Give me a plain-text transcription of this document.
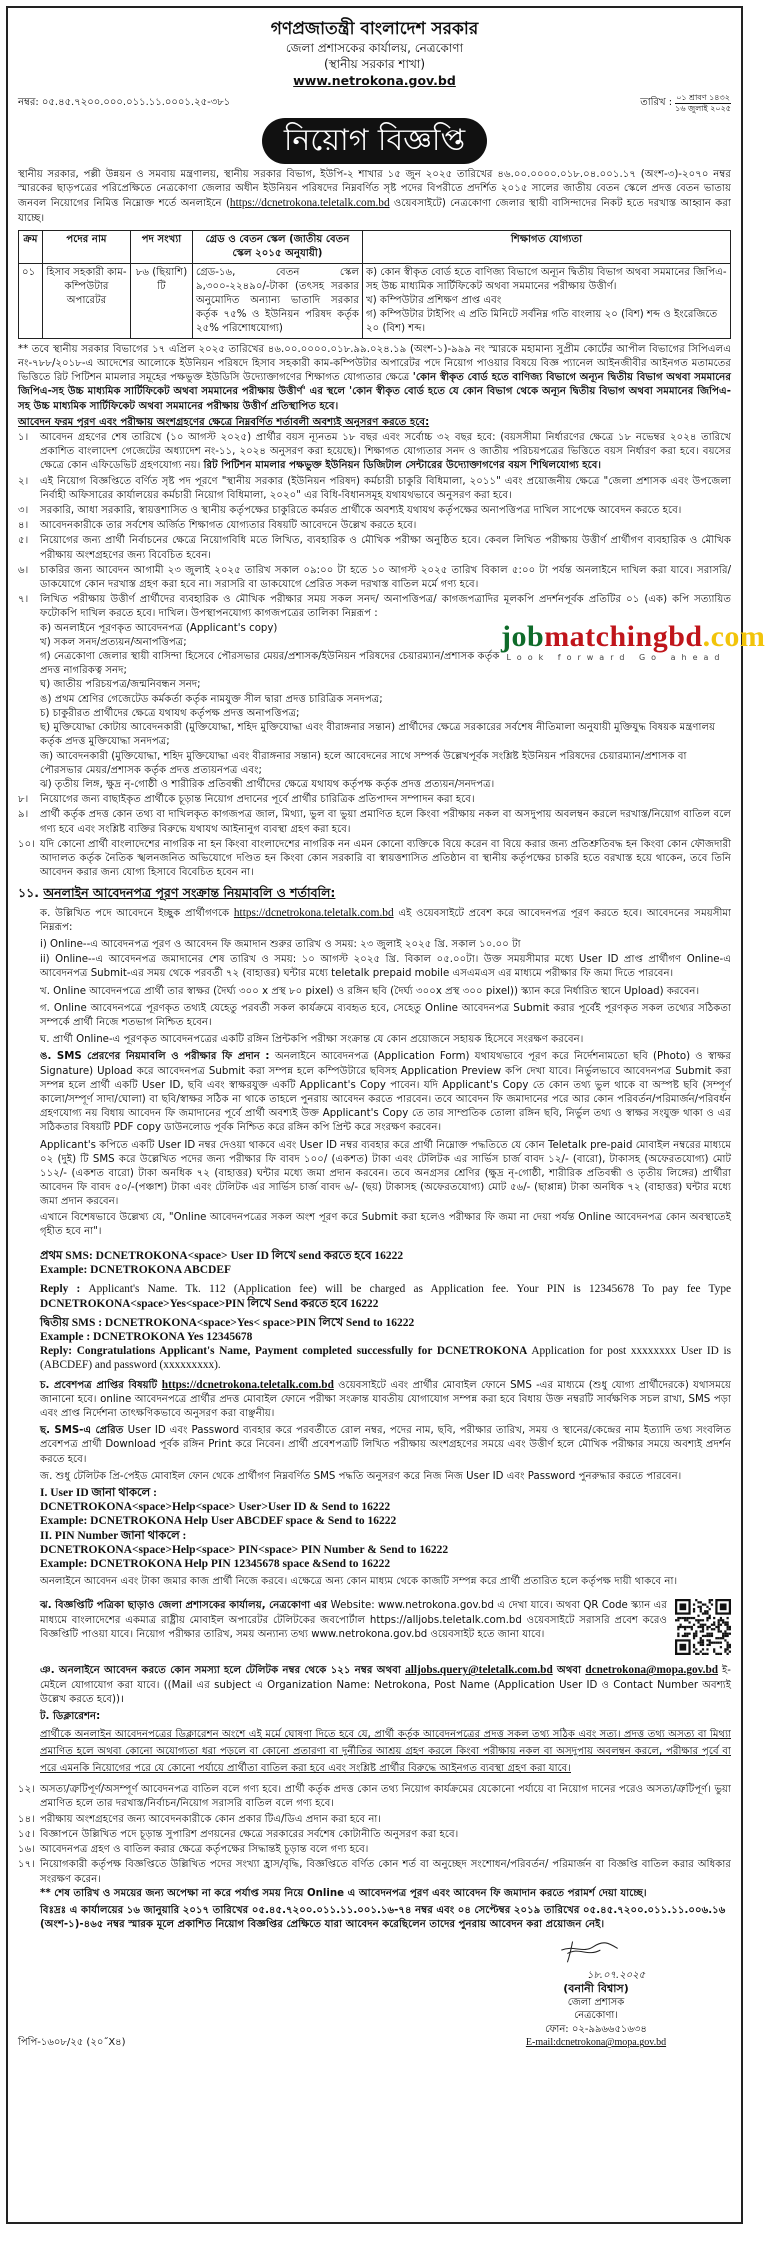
গণপ্রজাতন্ত্রী বাংলাদেশ সরকার
জেলা প্রশাসকের কার্যালয়, নেত্রকোণা
(স্থানীয় সরকার শাখা)
www.netrokona.gov.bd
নম্বর: ০৫.৪৫.৭২০০.০০০.০১১.১১.০০০১.২৫-৩৮১	তারিখ : $\frac{\text{০১ শ্রাবণ ১৪৩২}}{\text{১৬ জুলাই ২০২৫}}$
নিয়োগ বিজ্ঞপ্তি

স্থানীয় সরকার, পল্লী উন্নয়ন ও সমবায় মন্ত্রণালয়, স্থানীয় সরকার বিভাগ, ইউপি-২ শাখার ১৫ জুন ২০২৫ তারিখের ৪৬.০০.০০০০.০১৮.০৪.০০১.১৭ (অংশ-৩)-২০৭০ নম্বর স্মারকের ছাড়পত্রের পরিপ্রেক্ষিতে নেত্রকোণা জেলার অধীন ইউনিয়ন পরিষদের নিম্নবর্ণিত সৃষ্ট পদের বিপরীতে প্রদর্শিত ২০১৫ সালের জাতীয় বেতন স্কেলে প্রদত্ত বেতন ভাতায় জনবল নিয়োগের নিমিত্ত নিম্নোক্ত শর্তে অনলাইনে (https://dcnetrokona.teletalk.com.bd ওয়েবসাইটে) নেত্রকোণা জেলার স্থায়ী বাসিন্দাদের নিকট হতে দরখাস্ত আহ্বান করা যাচ্ছে।

ক্রম	পদের নাম	পদ সংখ্যা	গ্রেড ও বেতন স্কেল (জাতীয় বেতন স্কেল ২০১৫ অনুযায়ী)	শিক্ষাগত যোগ্যতা
০১	হিসাব সহকারী কাম-কম্পিউটার অপারেটর	৮৬ (ছিয়াশি) টি	গ্রেড-১৬, বেতন স্কেল ৯,৩০০-২২৪৯০/-টাকা (তৎসহ সরকার অনুমোদিত অন্যান্য ভাতাদি সরকার কর্তৃক ৭৫% ও ইউনিয়ন পরিষদ কর্তৃক ২৫% পরিশোধযোগ্য)	ক) কোন স্বীকৃত বোর্ড হতে বাণিজ্য বিভাগে অন্যূন দ্বিতীয় বিভাগ অথবা সমমানের জিপিএ-সহ উচ্চ মাধ্যমিক সার্টিফিকেট অথবা সমমানের পরীক্ষায় উত্তীর্ণ।
খ) কম্পিউটার প্রশিক্ষণ প্রাপ্ত এবং
গ) কম্পিউটার টাইপিং এ প্রতি মিনিটে সর্বনিম্ন গতি বাংলায় ২০ (বিশ) শব্দ ও ইংরেজিতে ২০ (বিশ) শব্দ।

** তবে স্থানীয় সরকার বিভাগের ১৭ এপ্রিল ২০২৫ তারিখের ৪৬.০০.০০০০.০১৮.৯৯.০২৪.১৯ (অংশ-১)-৯৯৯ নং স্মারকে মহামান্য সুপ্রীম কোর্টের আপীল বিভাগের সিপিএলএ নং-৭৮৮/২০১৮-এ আদেশের আলোকে ইউনিয়ন পরিষদে হিসাব সহকারী কাম-কম্পিউটার অপারেটর পদে নিয়োগ পাওয়ার বিষয়ে বিজ্ঞ প্যানেল আইনজীবীর আইনগত মতামতের ভিত্তিতে রিট পিটিশন মামলার সমূহের পক্ষভুক্ত ইউডিসি উদ্যোক্তাগণের শিক্ষাগত যোগ্যতার ক্ষেত্রে 'কোন স্বীকৃত বোর্ড হতে বাণিজ্য বিভাগে অন্যূন দ্বিতীয় বিভাগ অথবা সমমানের জিপিএ-সহ উচ্চ মাধ্যমিক সার্টিফিকেট অথবা সমমানের পরীক্ষায় উত্তীর্ণ' এর স্থলে 'কোন স্বীকৃত বোর্ড হতে যে কোন বিভাগ থেকে অন্যূন দ্বিতীয় বিভাগ অথবা সমমানের জিপিএ-সহ উচ্চ মাধ্যমিক সার্টিফিকেট অথবা সমমানের পরীক্ষায় উত্তীর্ণ প্রতিস্থাপিত হবে।

আবেদন ফরম পূরণ এবং পরীক্ষায় অংশগ্রহণের ক্ষেত্রে নিম্নবর্ণিত শর্তাবলী অবশ্যই অনুসরণ করতে হবে:

১।	আবেদন গ্রহণের শেষ তারিখে (১০ আগস্ট ২০২৫) প্রার্থীর বয়স ন্যূনতম ১৮ বছর এবং সর্বোচ্চ ৩২ বছর হবে: (বয়সসীমা নির্ধারণের ক্ষেত্রে ১৮ নভেম্বর ২০২৪ তারিখে প্রকাশিত বাংলাদেশ গেজেটের অধ্যাদেশ নং-১১, ২০২৪ অনুসরণ করা হয়েছে)। শিক্ষাগত যোগ্যতার সনদ ও জাতীয় পরিচয়পত্রের ভিত্তিতে বয়স নির্ধারণ করা হবে। বয়সের ক্ষেত্রে কোন এফিডেভিট গ্রহণযোগ্য নয়। রিট পিটিশন মামলার পক্ষভুক্ত ইউনিয়ন ডিজিটাল সেন্টারের উদ্যোক্তাগণের বয়স শিথিলযোগ্য হবে।
২।	এই নিয়োগ বিজ্ঞপ্তিতে বর্ণিত সৃষ্ট পদ পূরণে "স্থানীয় সরকার (ইউনিয়ন পরিষদ) কর্মচারী চাকুরি বিধিমালা, ২০১১" এবং প্রয়োজনীয় ক্ষেত্রে "জেলা প্রশাসক এবং উপজেলা নির্বাহী অফিসারের কার্যালয়ের কর্মচারী নিয়োগ বিধিমালা, ২০২০" এর বিধি-বিধানসমূহ যথাযথভাবে অনুসরণ করা হবে।
৩।	সরকারি, আধা সরকারি, স্বায়ত্তশাসিত ও স্থানীয় কর্তৃপক্ষের চাকুরিতে কর্মরত প্রার্থীকে অবশ্যই যথাযথ কর্তৃপক্ষের অনাপত্তিপত্র দাখিল সাপেক্ষে আবেদন করতে হবে।
৪।	আবেদনকারীকে তার সর্বশেষ অর্জিত শিক্ষাগত যোগ্যতার বিষয়টি আবেদনে উল্লেখ করতে হবে।
৫।	নিয়োগের জন্য প্রার্থী নির্বাচনের ক্ষেত্রে নিয়োগবিধি মতে লিখিত, ব্যবহারিক ও মৌখিক পরীক্ষা অনুষ্ঠিত হবে। কেবল লিখিত পরীক্ষায় উত্তীর্ণ প্রার্থীগণ ব্যবহারিক ও মৌখিক পরীক্ষায় অংশগ্রহণের জন্য বিবেচিত হবেন।
৬।	চাকরির জন্য আবেদন আগামী ২৩ জুলাই ২০২৫ তারিখ সকাল ০৯:০০ টা হতে ১০ আগস্ট ২০২৫ তারিখ বিকাল ৫:০০ টা পর্যন্ত অনলাইনে দাখিল করা যাবে। সরাসরি/ ডাকযোগে কোন দরখাস্ত গ্রহণ করা হবে না। সরাসরি বা ডাকযোগে প্রেরিত সকল দরখাস্ত বাতিল মর্মে গণ্য হবে।
৭।	লিখিত পরীক্ষায় উত্তীর্ণ প্রার্থীদের ব্যবহারিক ও মৌখিক পরীক্ষার সময় সকল সনদ/ অনাপত্তিপত্র/ কাগজপত্রাদির মূলকপি প্রদর্শনপূর্বক প্রতিটির ০১ (এক) কপি সত্যায়িত ফটোকপি দাখিল করতে হবে। দাখিল। উপস্থাপনযোগ্য কাগজপত্রের তালিকা নিম্নরূপ :
jobmatchingbd.com
Look forward Go ahead
ক) অনলাইনে পূরণকৃত আবেদনপত্র (Applicant's copy)
খ) সকল সনদ/প্রত্যয়ন/অনাপত্তিপত্র;
গ) নেত্রকোণা জেলার স্থায়ী বাসিন্দা হিসেবে পৌরসভার মেয়র/প্রশাসক/ইউনিয়ন পরিষদের চেয়ারম্যান/প্রশাসক কর্তৃক প্রদত্ত নাগরিকত্ব সনদ;
ঘ) জাতীয় পরিচয়পত্র/জন্মনিবন্ধন সনদ;
ঙ) প্রথম শ্রেণির গেজেটেড কর্মকর্তা কর্তৃক নামযুক্ত সীল দ্বারা প্রদত্ত চারিত্রিক সনদপত্র;
চ) চাকুরীরত প্রার্থীদের ক্ষেত্রে যথাযথ কর্তৃপক্ষ প্রদত্ত অনাপত্তিপত্র;
ছ) মুক্তিযোদ্ধা কোটায় আবেদনকারী (মুক্তিযোদ্ধা, শহিদ মুক্তিযোদ্ধা এবং বীরাঙ্গনার সন্তান) প্রার্থীদের ক্ষেত্রে সরকারের সর্বশেষ নীতিমালা অনুযায়ী মুক্তিযুদ্ধ বিষয়ক মন্ত্রণালয় কর্তৃক প্রদত্ত মুক্তিযোদ্ধা সনদপত্র;
জ) আবেদনকারী (মুক্তিযোদ্ধা, শহিদ মুক্তিযোদ্ধা এবং বীরাঙ্গনার সন্তান) হলে আবেদনের সাথে সম্পর্ক উল্লেখপূর্বক সংশ্লিষ্ট ইউনিয়ন পরিষদের চেয়ারম্যান/প্রশাসক বা পৌরসভার মেয়র/প্রশাসক কর্তৃক প্রদত্ত প্রত্যয়নপত্র এবং;
ঝ) তৃতীয় লিঙ্গ, ক্ষুদ্র নৃ-গোষ্ঠী ও শারীরিক প্রতিবন্ধী প্রার্থীদের ক্ষেত্রে যথাযথ কর্তৃপক্ষ কর্তৃক প্রদত্ত প্রত্যয়ন/সনদপত্র।
৮।	নিয়োগের জন্য বাছাইকৃত প্রার্থীকে চূড়ান্ত নিয়োগ প্রদানের পূর্বে প্রার্থীর চারিত্রিক প্রতিপাদন সম্পাদন করা হবে।
৯।	প্রার্থী কর্তৃক প্রদত্ত কোন তথ্য বা দাখিলকৃত কাগজপত্র জাল, মিথ্যা, ভুল বা ভুয়া প্রমাণিত হলে কিংবা পরীক্ষায় নকল বা অসদুপায় অবলম্বন করলে দরখাস্ত/নিয়োগ বাতিল বলে গণ্য হবে এবং সংশ্লিষ্ট ব্যক্তির বিরুদ্ধে যথাযথ আইনানুগ ব্যবস্থা গ্রহণ করা হবে।
১০। যদি কোনো প্রার্থী বাংলাদেশের নাগরিক না হন কিংবা বাংলাদেশের নাগরিক নন এমন কোনো ব্যক্তিকে বিয়ে করেন বা বিয়ে করার জন্য প্রতিশ্রুতিবদ্ধ হন কিংবা কোন ফৌজদারী আদালত কর্তৃক নৈতিক স্খলনজনিত অভিযোগে দণ্ডিত হন কিংবা কোন সরকারি বা স্বায়ত্তশাসিত প্রতিষ্ঠান বা স্থানীয় কর্তৃপক্ষের চাকরি হতে বরখাস্ত হয়ে থাকেন, তবে তিনি আবেদন করার জন্য যোগ্য হিসাবে বিবেচিত হবেন না।
১১. অনলাইন আবেদনপত্র পূরণ সংক্রান্ত নিয়মাবলি ও শর্তাবলি:

ক. উল্লিখিত পদে আবেদনে ইচ্ছুক প্রার্থীগণকে https://dcnetrokona.teletalk.com.bd এই ওয়েবসাইটে প্রবেশ করে আবেদনপত্র পূরণ করতে হবে। আবেদনের সময়সীমা নিম্নরূপ:

i) Online--এ আবেদনপত্র পূরণ ও আবেদন ফি জমাদান শুরুর তারিখ ও সময়: ২৩ জুলাই ২০২৫ খ্রি. সকাল ১০.০০ টা

ii) Online--এ আবেদনপত্র জমাদানের শেষ তারিখ ও সময়: ১০ আগস্ট ২০২৫ খ্রি. বিকাল ০৫.০০টা। উক্ত সময়সীমার মধ্যে User ID প্রাপ্ত প্রার্থীগণ Online-এ আবেদনপত্র Submit-এর সময় থেকে পরবর্তী ৭২ (বাহাত্তর) ঘন্টার মধ্যে teletalk prepaid mobile এসএমএস এর মাধ্যমে পরীক্ষার ফি জমা দিতে পারবেন।

খ. Online আবেদনপত্রে প্রার্থী তার স্বাক্ষর (দৈর্ঘ্য ৩০০ x প্রস্থ ৮০ pixel) ও রঙ্গিন ছবি (দৈর্ঘ্য ৩০০x প্রস্থ ৩০০ pixel)) স্ক্যান করে নির্ধারিত স্থানে Upload) করবেন।

গ. Online আবেদনপত্রে পূরণকৃত তথ্যই যেহেতু পরবর্তী সকল কার্যক্রমে ব্যবহৃত হবে, সেহেতু Online আবেদনপত্র Submit করার পূর্বেই পূরণকৃত সকল তথ্যের সঠিকতা সম্পর্কে প্রার্থী নিজে শতভাগ নিশ্চিত হবেন।

ঘ. প্রার্থী Online-এ পূরণকৃত আবেদনপত্রের একটি রঙ্গিন প্রিন্টকপি পরীক্ষা সংক্রান্ত যে কোন প্রয়োজনে সহায়ক হিসেবে সংরক্ষণ করবেন।

ঙ. SMS প্রেরণের নিয়মাবলি ও পরীক্ষার ফি প্রদান : অনলাইনে আবেদনপত্র (Application Form) যথাযথভাবে পূরণ করে নির্দেশনামতো ছবি (Photo) ও স্বাক্ষর Signature) Upload করে আবেদনপত্র Submit করা সম্পন্ন হলে কম্পিউটারে ছবিসহ Application Preview কপি দেখা যাবে। নির্ভুলভাবে আবেদনপত্র Submit করা সম্পন্ন হলে প্রার্থী একটি User ID, ছবি এবং স্বাক্ষরযুক্ত একটি Applicant's Copy পাবেন। যদি Applicant's Copy তে কোন তথ্য ভুল থাকে বা অস্পষ্ট ছবি (সম্পূর্ণ কালো/সম্পূর্ণ সাদা/ঘোলা) বা ছবি/স্বাক্ষর সঠিক না থাকে তাহলে পুনরায় আবেদন করতে পারবেন। তবে আবেদন ফি জমাদানের পরে আর কোন পরিবর্তন/পরিমার্জন/পরিবর্ধন গ্রহণযোগ্য নয় বিধায় আবেদন ফি জমাদানের পূর্বে প্রার্থী অবশ্যই উক্ত Applicant's Copy তে তার সাম্প্রতিক তোলা রঙ্গিন ছবি, নির্ভুল তথ্য ও স্বাক্ষর সংযুক্ত থাকা ও এর সঠিকতার বিষয়টি PDF copy ডাউনলোড পূর্বক নিশ্চিত করে রঙ্গিন কপি প্রিন্ট করে সংরক্ষণ করবেন।

Applicant's কপিতে একটি User ID নম্বর দেওয়া থাকবে এবং User ID নম্বর ব্যবহার করে প্রার্থী নিম্নোক্ত পদ্ধতিতে যে কোন Teletalk pre-paid মোবাইল নম্বরের মাধ্যমে ০২ (দুই) টি SMS করে উল্লেখিত পদের জন্য পরীক্ষার ফি বাবদ ১০০/ (একশত) টাকা এবং টেলিটক এর সার্ভিস চার্জ বাবদ ১২/- (বারো), টাকাসহ (অফেরতযোগ্য) মোট ১১২/- (একশত বারো) টাকা অনধিক ৭২ (বাহাত্তর) ঘন্টার মধ্যে জমা প্রদান করবেন। তবে অনগ্রসর শ্রেণির (ক্ষুদ্র নৃ-গোষ্ঠী, শারীরিক প্রতিবন্ধী ও তৃতীয় লিঙ্গের) প্রার্থীরা আবেদন ফি বাবদ ৫০/-(পঞ্চাশ) টাকা এবং টেলিটক এর সার্ভিস চার্জ বাবদ ৬/- (ছয়) টাকাসহ (অফেরতযোগ্য) মোট ৫৬/- (ছাপ্পান্ন) টাকা অনধিক ৭২ (বাহাত্তর) ঘন্টার মধ্যে জমা প্রদান করবেন।

এখানে বিশেষভাবে উল্লেখ্য যে, "Online আবেদনপত্রের সকল অংশ পূরণ করে Submit করা হলেও পরীক্ষার ফি জমা না দেয়া পর্যন্ত Online আবেদনপত্র কোন অবস্থাতেই গৃহীত হবে না"।

প্রথম SMS: DCNETROKONA<space> User ID লিখে send করতে হবে 16222
Example: DCNETROKONA ABCDEF

Reply : Applicant's Name. Tk. 112 (Application fee) will be charged as Application fee. Your PIN is 12345678 To pay fee Type DCNETROKONA<space>Yes<space>PIN লিখে Send করতে হবে 16222

দ্বিতীয় SMS : DCNETROKONA<space>Yes< space>PIN লিখে Send to 16222
Example : DCNETROKONA Yes 12345678

Reply: Congratulations Applicant's Name, Payment completed successfully for DCNETROKONA Application for post xxxxxxxx User ID is (ABCDEF) and password (xxxxxxxxx).

চ. প্রবেশপত্র প্রাপ্তির বিষয়টি https://dcnetrokona.teletalk.com.bd ওয়েবসাইটে এবং প্রার্থীর মোবাইল ফোনে SMS -এর মাধ্যমে (শুধু যোগ্য প্রার্থীদেরকে) যথাসময়ে জানানো হবে। online আবেদনপত্রে প্রার্থীর প্রদত্ত মোবাইল ফোনে পরীক্ষা সংক্রান্ত যাবতীয় যোগাযোগ সম্পন্ন করা হবে বিধায় উক্ত নম্বরটি সার্বক্ষণিক সচল রাখা, SMS পড়া এবং প্রাপ্ত নির্দেশনা তাৎক্ষণিকভাবে অনুসরণ করা বাঞ্ছনীয়।

ছ. SMS-এ প্রেরিত User ID এবং Password ব্যবহার করে পরবর্তীতে রোল নম্বর, পদের নাম, ছবি, পরীক্ষার তারিখ, সময় ও স্থানের/কেন্দ্রের নাম ইত্যাদি তথ্য সংবলিত প্রবেশপত্র প্রার্থী Download পূর্বক রঙ্গিন Print করে নিবেন। প্রার্থী প্রবেশপত্রটি লিখিত পরীক্ষায় অংশগ্রহণের সময়ে এবং উত্তীর্ণ হলে মৌখিক পরীক্ষার সময়ে অবশ্যই প্রদর্শন করতে হবে।

জ. শুধু টেলিটক প্রি-পেইড মোবাইল ফোন থেকে প্রার্থীগণ নিম্নবর্ণিত SMS পদ্ধতি অনুসরণ করে নিজ নিজ User ID এবং Password পুনরুদ্ধার করতে পারবেন।

I. User ID জানা থাকলে :
DCNETROKONA<space>Help<space> User>User ID & Send to 16222
Example: DCNETROKONA Help User ABCDEF space & Send to 16222
II. PIN Number জানা থাকলে :
DCNETROKONA<space>Help<space> PIN<space> PIN Number & Send to 16222
Example: DCNETROKONA Help PIN 12345678 space &Send to 16222

অনলাইনে আবেদন এবং টাকা জমার কাজ প্রার্থী নিজে করবে। এক্ষেত্রে অন্য কোন মাধ্যম থেকে কাজটি সম্পন্ন করে প্রার্থী প্রতারিত হলে কর্তৃপক্ষ দায়ী থাকবে না।

ঝ. বিজ্ঞপ্তিটি পত্রিকা ছাড়াও জেলা প্রশাসকের কার্যালয়, নেত্রকোণা এর Website: www.netrokona.gov.bd এ দেখা যাবে। অথবা QR Code স্ক্যান এর মাধ্যমে বাংলাদেশের একমাত্র রাষ্ট্রীয় মোবাইল অপারেটর টেলিটকের জবপোর্টাল https://alljobs.teletalk.com.bd ওয়েবসাইটে সরাসরি প্রবেশ করেও বিজ্ঞপ্তিটি পাওয়া যাবে। নিয়োগ পরীক্ষার তারিখ, সময় অন্যান্য তথ্য www.netrokona.gov.bd ওয়েবসাইট হতে জানা যাবে।

ঞ. অনলাইনে আবেদন করতে কোন সমস্যা হলে টেলিটক নম্বর থেকে ১২১ নম্বর অথবা alljobs.query@teletalk.com.bd অথবা dcnetrokona@mopa.gov.bd ই-মেইলে যোগাযোগ করা যাবে। ((Mail এর subject এ Organization Name: Netrokona, Post Name (Application User ID ও Contact Number অবশ্যই উল্লেখ করতে হবে))।

ট. ডিক্লারেশন:

প্রার্থীকে অনলাইন আবেদনপত্রের ডিক্লারেশন অংশে এই মর্মে ঘোষণা দিতে হবে যে, প্রার্থী কর্তৃক আবেদনপত্রের প্রদত্ত সকল তথ্য সঠিক এবং সত্য। প্রদত্ত তথ্য অসত্য বা মিথ্যা প্রমাণিত হলে অথবা কোনো অযোগ্যতা ধরা পড়লে বা কোনো প্রতারণা বা দুর্নীতির আশ্রয় গ্রহণ করলে কিংবা পরীক্ষায় নকল বা অসদুপায় অবলম্বন করলে, পরীক্ষার পূর্বে বা পরে এমনকি নিয়োগের পরে যে কোনো পর্যায়ে প্রার্থীতা বাতিল করা হবে এবং সংশ্লিষ্ট প্রার্থীর বিরুদ্ধে আইনগত ব্যবস্থা গ্রহণ করা যাবে।

১২। অসত্য/ত্রুটিপূর্ণ/অসম্পূর্ণ আবেদনপত্র বাতিল বলে গণ্য হবে। প্রার্থী কর্তৃক প্রদত্ত কোন তথ্য নিয়োগ কার্যক্রমের যেকোনো পর্যায়ে বা নিয়োগ দানের পরেও অসত্য/ত্রুটিপূর্ণ। ভুয়া প্রমাণিত হলে তার দরখাস্ত/নির্বাচন/নিয়োগ সরাসরি বাতিল বলে গণ্য হবে।
১৪। পরীক্ষায় অংশগ্রহণের জন্য আবেদনকারীকে কোন প্রকার টিএ/ডিএ প্রদান করা হবে না।
১৫। বিজ্ঞাপনে উল্লিখিত পদে চূড়ান্ত সুপারিশ প্রণয়নের ক্ষেত্রে সরকারের সর্বশেষ কোটানীতি অনুসরণ করা হবে।
১৬। আবেদনপত্র গ্রহণ ও বাতিল করার ক্ষেত্রে কর্তৃপক্ষের সিদ্ধান্তই চূড়ান্ত বলে গণ্য হবে।
১৭। নিয়োগকারী কর্তৃপক্ষ বিজ্ঞপ্তিতে উল্লিখিত পদের সংখ্যা হ্রাস/বৃদ্ধি, বিজ্ঞপ্তিতে বর্ণিত কোন শর্ত বা অনুচ্ছেদ সংশোধন/পরিবর্তন/ পরিমার্জন বা বিজ্ঞপ্তি বাতিল করার অধিকার সংরক্ষণ করেন।

** শেষ তারিখ ও সময়ের জন্য অপেক্ষা না করে পর্যাপ্ত সময় নিয়ে Online এ আবেদনপত্র পূরণ এবং আবেদন ফি জমাদান করতে পরামর্শ দেয়া যাচ্ছে।

বিঃদ্রঃ এ কার্যালয়ের ১৬ জানুয়ারি ২০১৭ তারিখের ০৫.৪৫.৭২০০.০১১.১১.০০১.১৬-৭৪ নম্বর এবং ০৪ সেপ্টেম্বর ২০১৯ তারিখের ০৫.৪৫.৭২০০.০১১.১১.০০৬.১৬ (অংশ-১)-৪৬৫ নম্বর স্মারক মূলে প্রকাশিত নিয়োগ বিজ্ঞপ্তির প্রেক্ষিতে যারা আবেদন করেছিলেন তাদের পুনরায় আবেদন করা প্রয়োজন নেই।

পিপি-১৬০৮/২৫ (২০˝X৪)
১৮.০৭.২০২৫
(বনানী বিশ্বাস)
জেলা প্রশাসক
নেত্রকোণা।
ফোন: ০২-৯৯৬৬৫১৬৩৪
E-mail:dcnetrokona@mopa.gov.bd
